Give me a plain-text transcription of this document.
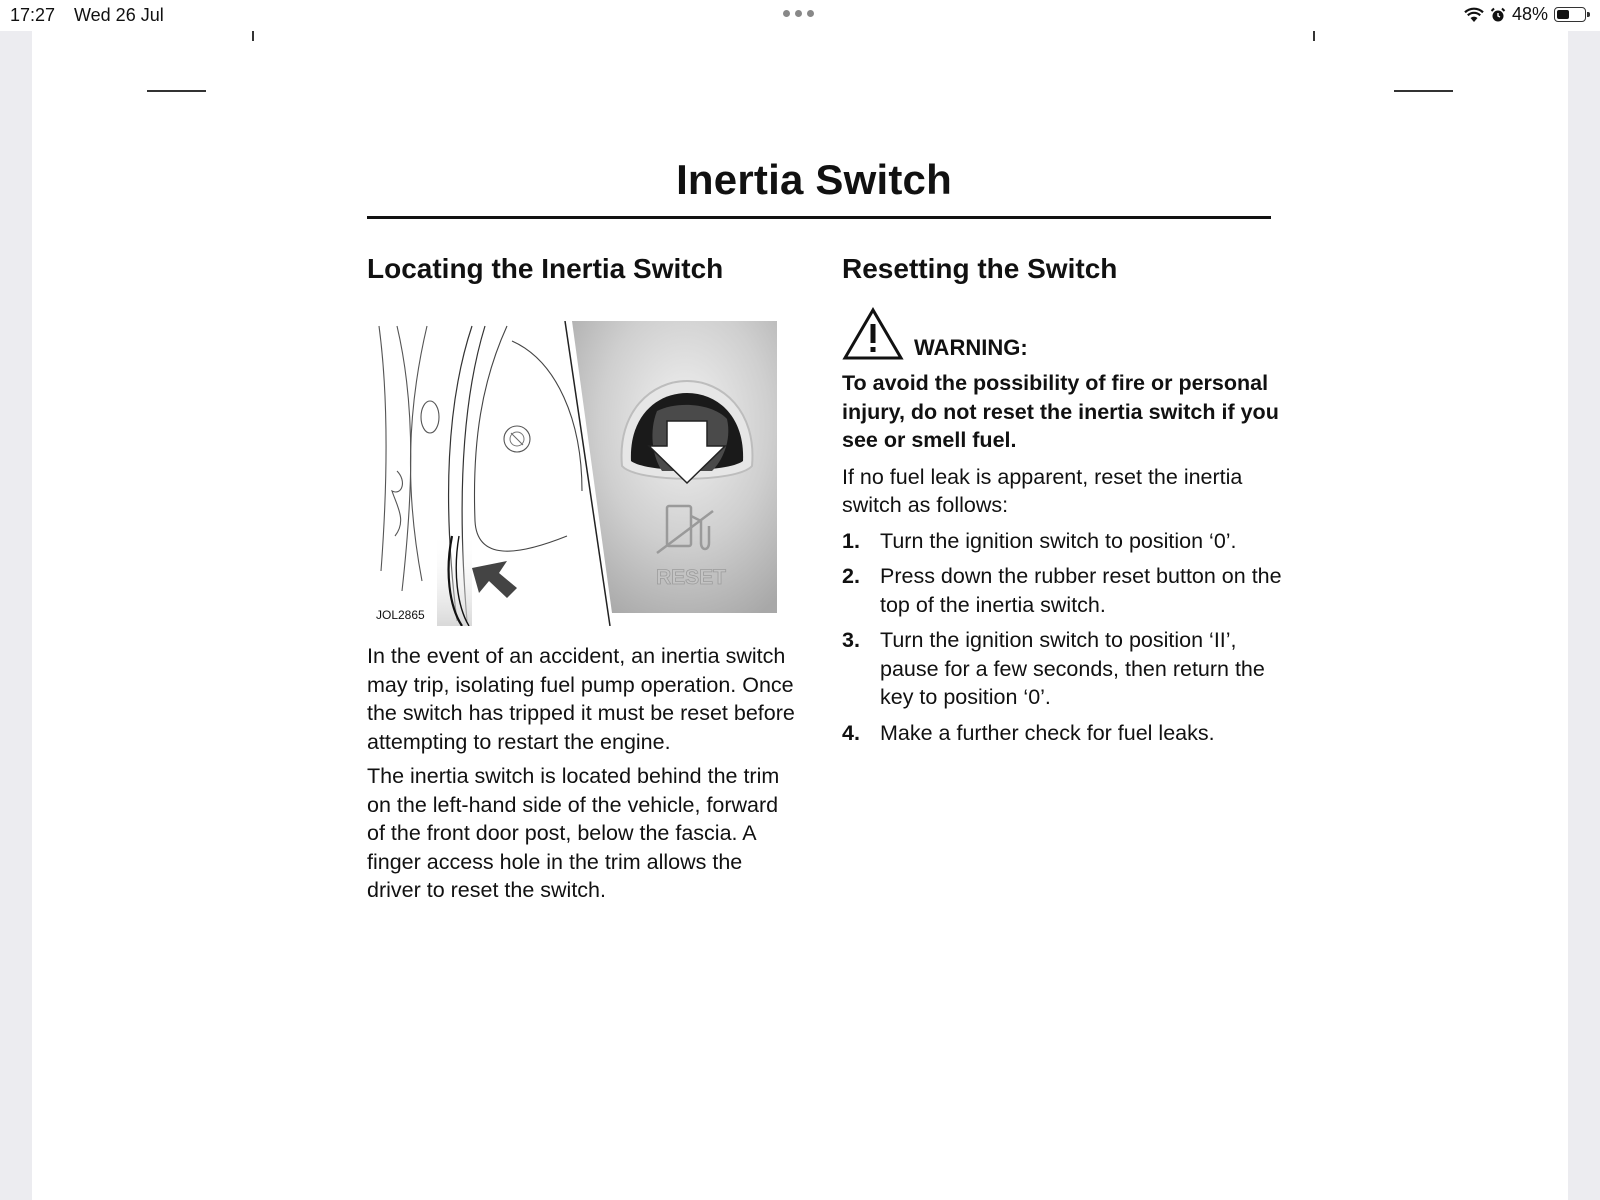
17:27 Wed 26 Jul	48%
Inertia Switch
Locating the Inertia Switch
RESET
JOL2865

In the event of an accident, an inertia switch may trip, isolating fuel pump operation. Once the switch has tripped it must be reset before attempting to restart the engine.

The inertia switch is located behind the trim on the left-hand side of the vehicle, forward of the front door post, below the fascia. A finger access hole in the trim allows the driver to reset the switch.

Resetting the Switch
WARNING:

To avoid the possibility of fire or personal injury, do not reset the inertia switch if you see or smell fuel.

If no fuel leak is apparent, reset the inertia switch as follows:

1. Turn the ignition switch to position ‘0’.
2. Press down the rubber reset button on the top of the inertia switch.
3. Turn the ignition switch to position ‘II’, pause for a few seconds, then return the key to position ‘0’.
4. Make a further check for fuel leaks.
